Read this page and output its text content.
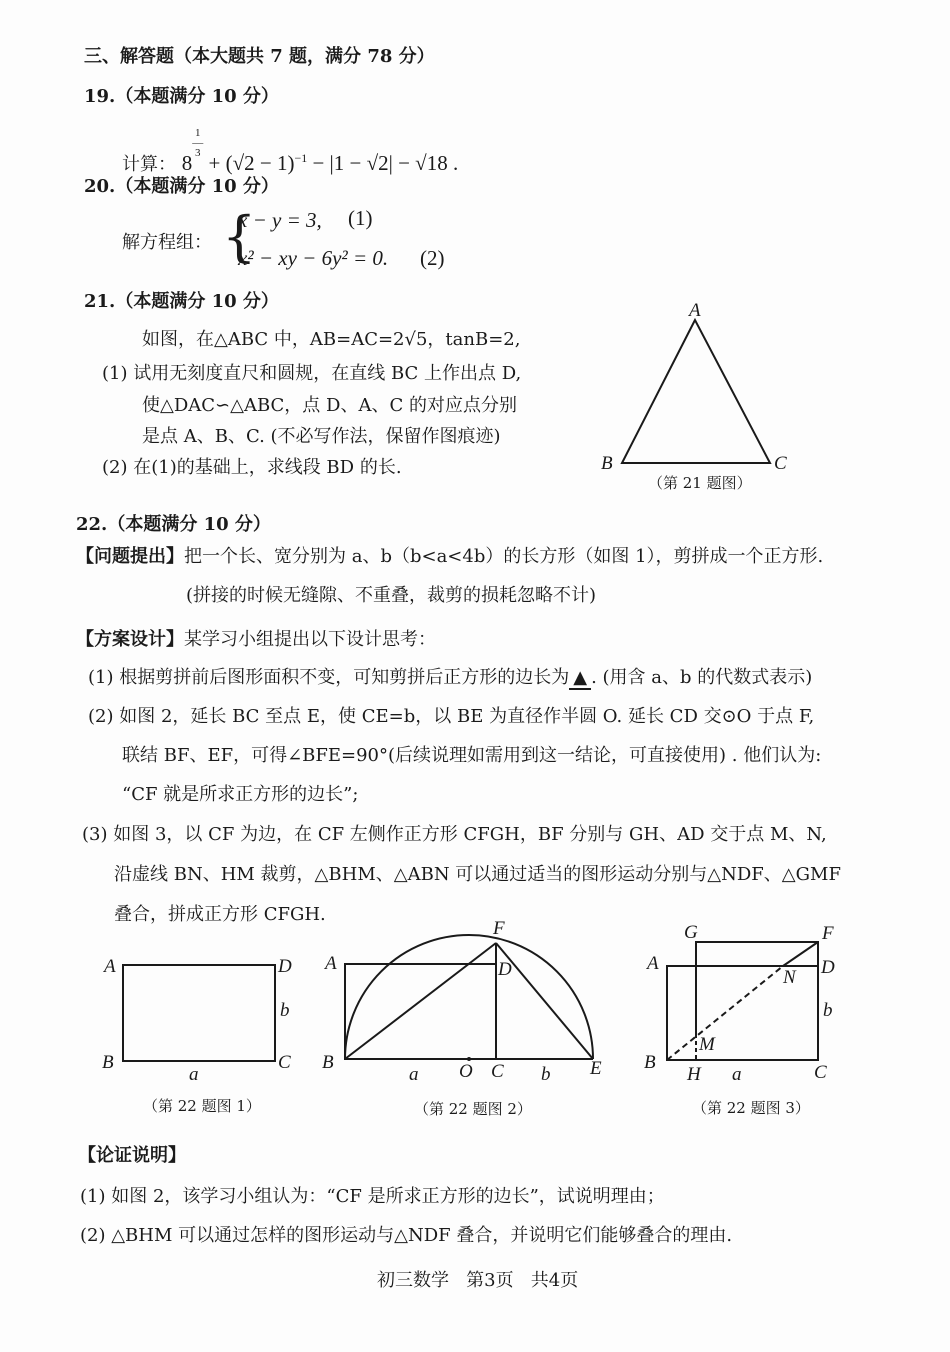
三、解答题（本大题共 7 题，满分 78 分）
19.（本题满分 10 分）
计算： 81
―
$3 + (√2 - 1)^{-1} - |1 - √2| - √18$ .
20.（本题满分 10 分）
解方程组： {
x − y = 3, (1)
x² − xy − 6y² = 0. (2)
21.（本题满分 10 分）
如图，在△ABC 中，AB=AC=2√5，tanB=2,
(1) 试用无刻度直尺和圆规，在直线 BC 上作出点 D,
使△DAC∽△ABC，点 D、A、C 的对应点分别
是点 A、B、C. (不必写作法，保留作图痕迹)
(2) 在(1)的基础上，求线段 BD 的长.
A
B	C
（第 21 题图）
22.（本题满分 10 分）
【问题提出】把一个长、宽分别为 a、b（b<a<4b）的长方形（如图 1），剪拼成一个正方形.
(拼接的时候无缝隙、不重叠，裁剪的损耗忽略不计)
【方案设计】某学习小组提出以下设计思考：
(1) 根据剪拼前后图形面积不变，可知剪拼后正方形的边长为 ▲ . (用含 a、b 的代数式表示)
(2) 如图 2，延长 BC 至点 E，使 CE=b，以 BE 为直径作半圆 O. 延长 CD 交⊙O 于点 F,
联结 BF、EF，可得∠BFE=90°(后续说理如需用到这一结论，可直接使用) . 他们认为:
“CF 就是所求正方形的边长”;
(3) 如图 3，以 CF 为边，在 CF 左侧作正方形 CFGH，BF 分别与 GH、AD 交于点 M、N,
沿虚线 BN、HM 裁剪，△BHM、△ABN 可以通过适当的图形运动分别与△NDF、△GMF
叠合，拼成正方形 CFGH.
A	D
b
B	C
a
（第 22 题图 1）
F
A	D
B
a O C b E
（第 22 题图 2）
G	F
A
N D
b
M
B
H a	C
（第 22 题图 3）
【论证说明】
(1) 如图 2，该学习小组认为：“CF 是所求正方形的边长”，试说明理由；
(2) △BHM 可以通过怎样的图形运动与△NDF 叠合，并说明它们能够叠合的理由.
初三数学 第3页 共4页
